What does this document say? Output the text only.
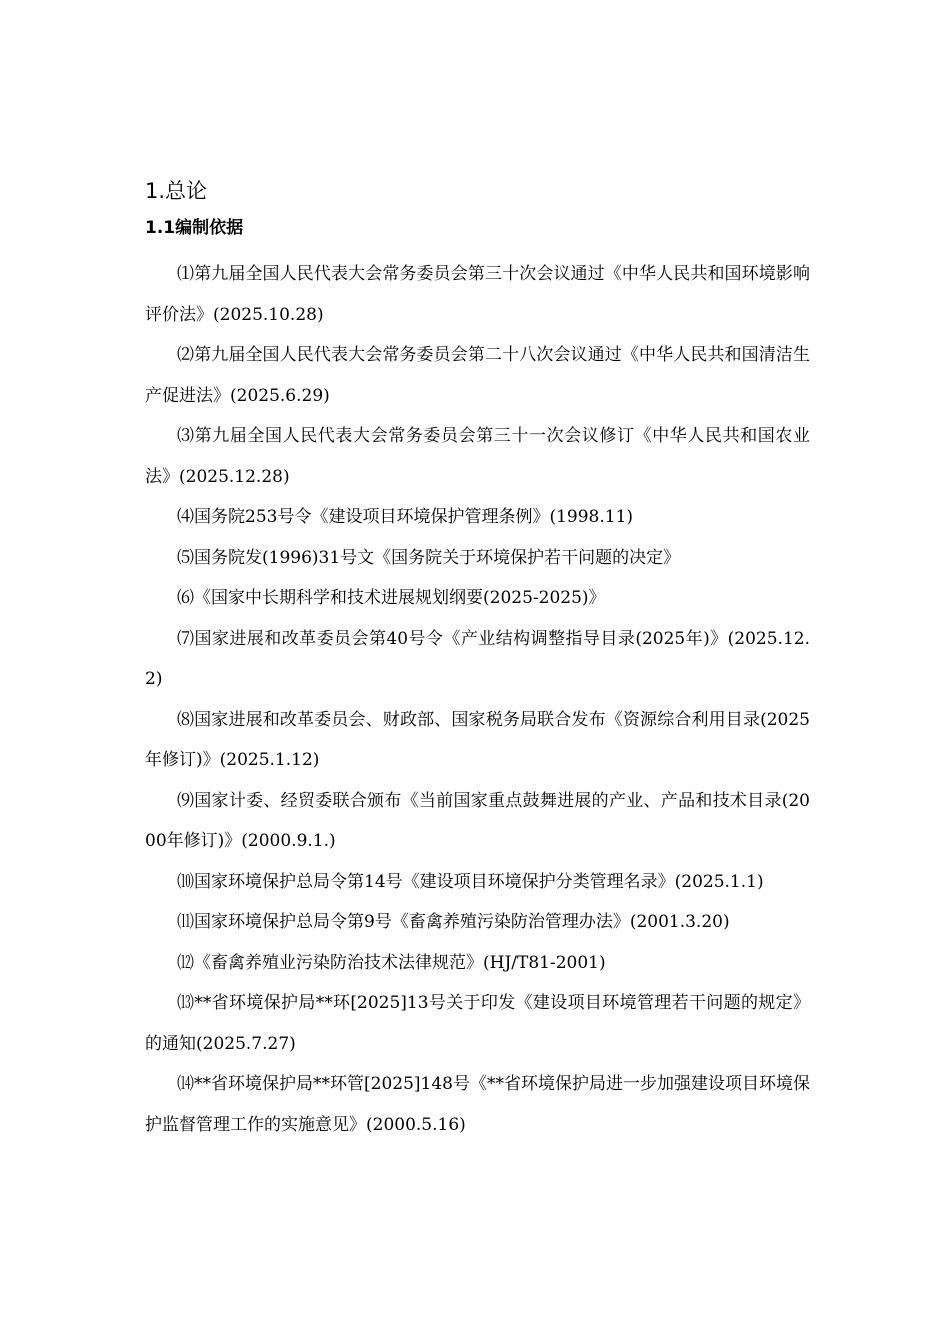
1.总论
1.1编制依据

⑴第九届全国人民代表大会常务委员会第三十次会议通过《中华人民共和国环境影响评价法》(2025.10.28)

⑵第九届全国人民代表大会常务委员会第二十八次会议通过《中华人民共和国清洁生产促进法》(2025.6.29)

⑶第九届全国人民代表大会常务委员会第三十一次会议修订《中华人民共和国农业法》(2025.12.28)

⑷国务院253号令《建设项目环境保护管理条例》(1998.11)

⑸国务院发(1996)31号文《国务院关于环境保护若干问题的决定》

⑹《国家中长期科学和技术进展规划纲要(2025-2025)》

⑺国家进展和改革委员会第40号令《产业结构调整指导目录(2025年)》(2025.12.2)

⑻国家进展和改革委员会、财政部、国家税务局联合发布《资源综合利用目录(2025年修订)》(2025.1.12)

⑼国家计委、经贸委联合颁布《当前国家重点鼓舞进展的产业、产品和技术目录(2000年修订)》(2000.9.1.)

⑽国家环境保护总局令第14号《建设项目环境保护分类管理名录》(2025.1.1)

⑾国家环境保护总局令第9号《畜禽养殖污染防治管理办法》(2001.3.20)

⑿《畜禽养殖业污染防治技术法律规范》(HJ/T81-2001)

⒀**省环境保护局**环[2025]13号关于印发《建设项目环境管理若干问题的规定》的通知(2025.7.27)

⒁**省环境保护局**环管[2025]148号《**省环境保护局进一步加强建设项目环境保护监督管理工作的实施意见》(2000.5.16)
